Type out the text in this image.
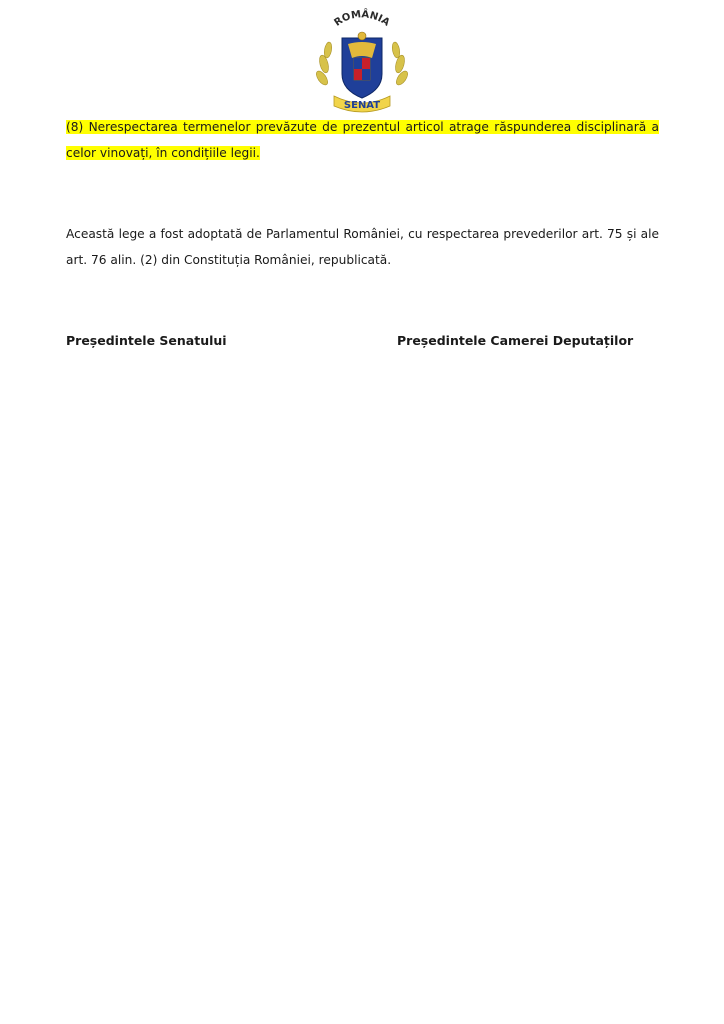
ROMÂNIA
SENAT
(8) Nerespectarea termenelor prevăzute de prezentul articol atrage răspunderea disciplinară a celor vinovați, în condițiile legii.
Această lege a fost adoptată de Parlamentul României, cu respectarea prevederilor art. 75 și ale art. 76 alin. (2) din Constituția României, republicată.
Președintele Senatului	Președintele Camerei Deputaților
